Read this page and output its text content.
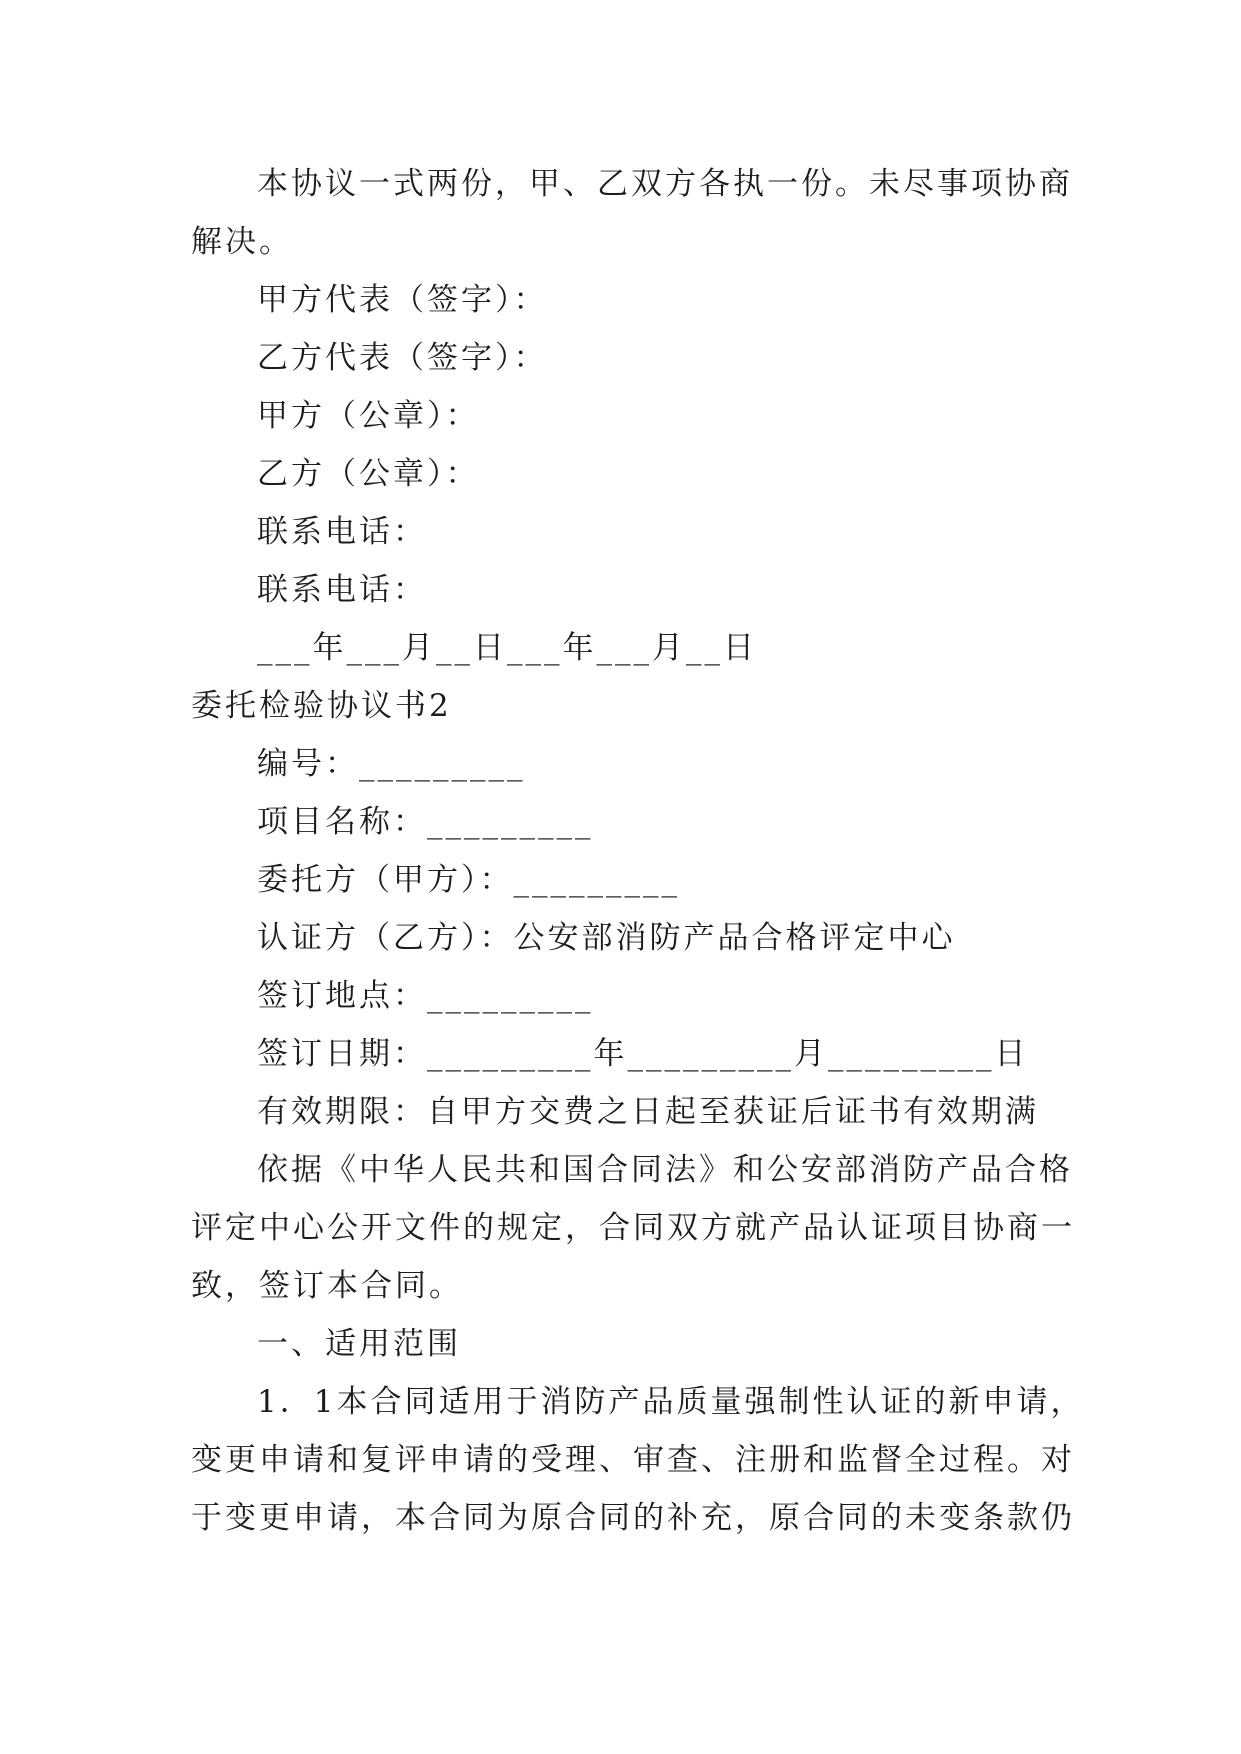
本协议一式两份，甲、乙双方各执一份。未尽事项协商

解决。

甲方代表（签字）：

乙方代表（签字）：

甲方（公章）：

乙方（公章）：

联系电话：

联系电话：

___年___月__日___年___月__日

委托检验协议书2

编号：_________

项目名称：_________

委托方（甲方）：_________

认证方（乙方）：公安部消防产品合格评定中心

签订地点：_________

签订日期：_________年_________月_________日

有效期限：自甲方交费之日起至获证后证书有效期满

依据《中华人民共和国合同法》和公安部消防产品合格

评定中心公开文件的规定，合同双方就产品认证项目协商一

致，签订本合同。

一、适用范围

1．1本合同适用于消防产品质量强制性认证的新申请，

变更申请和复评申请的受理、审查、注册和监督全过程。对

于变更申请，本合同为原合同的补充，原合同的未变条款仍
